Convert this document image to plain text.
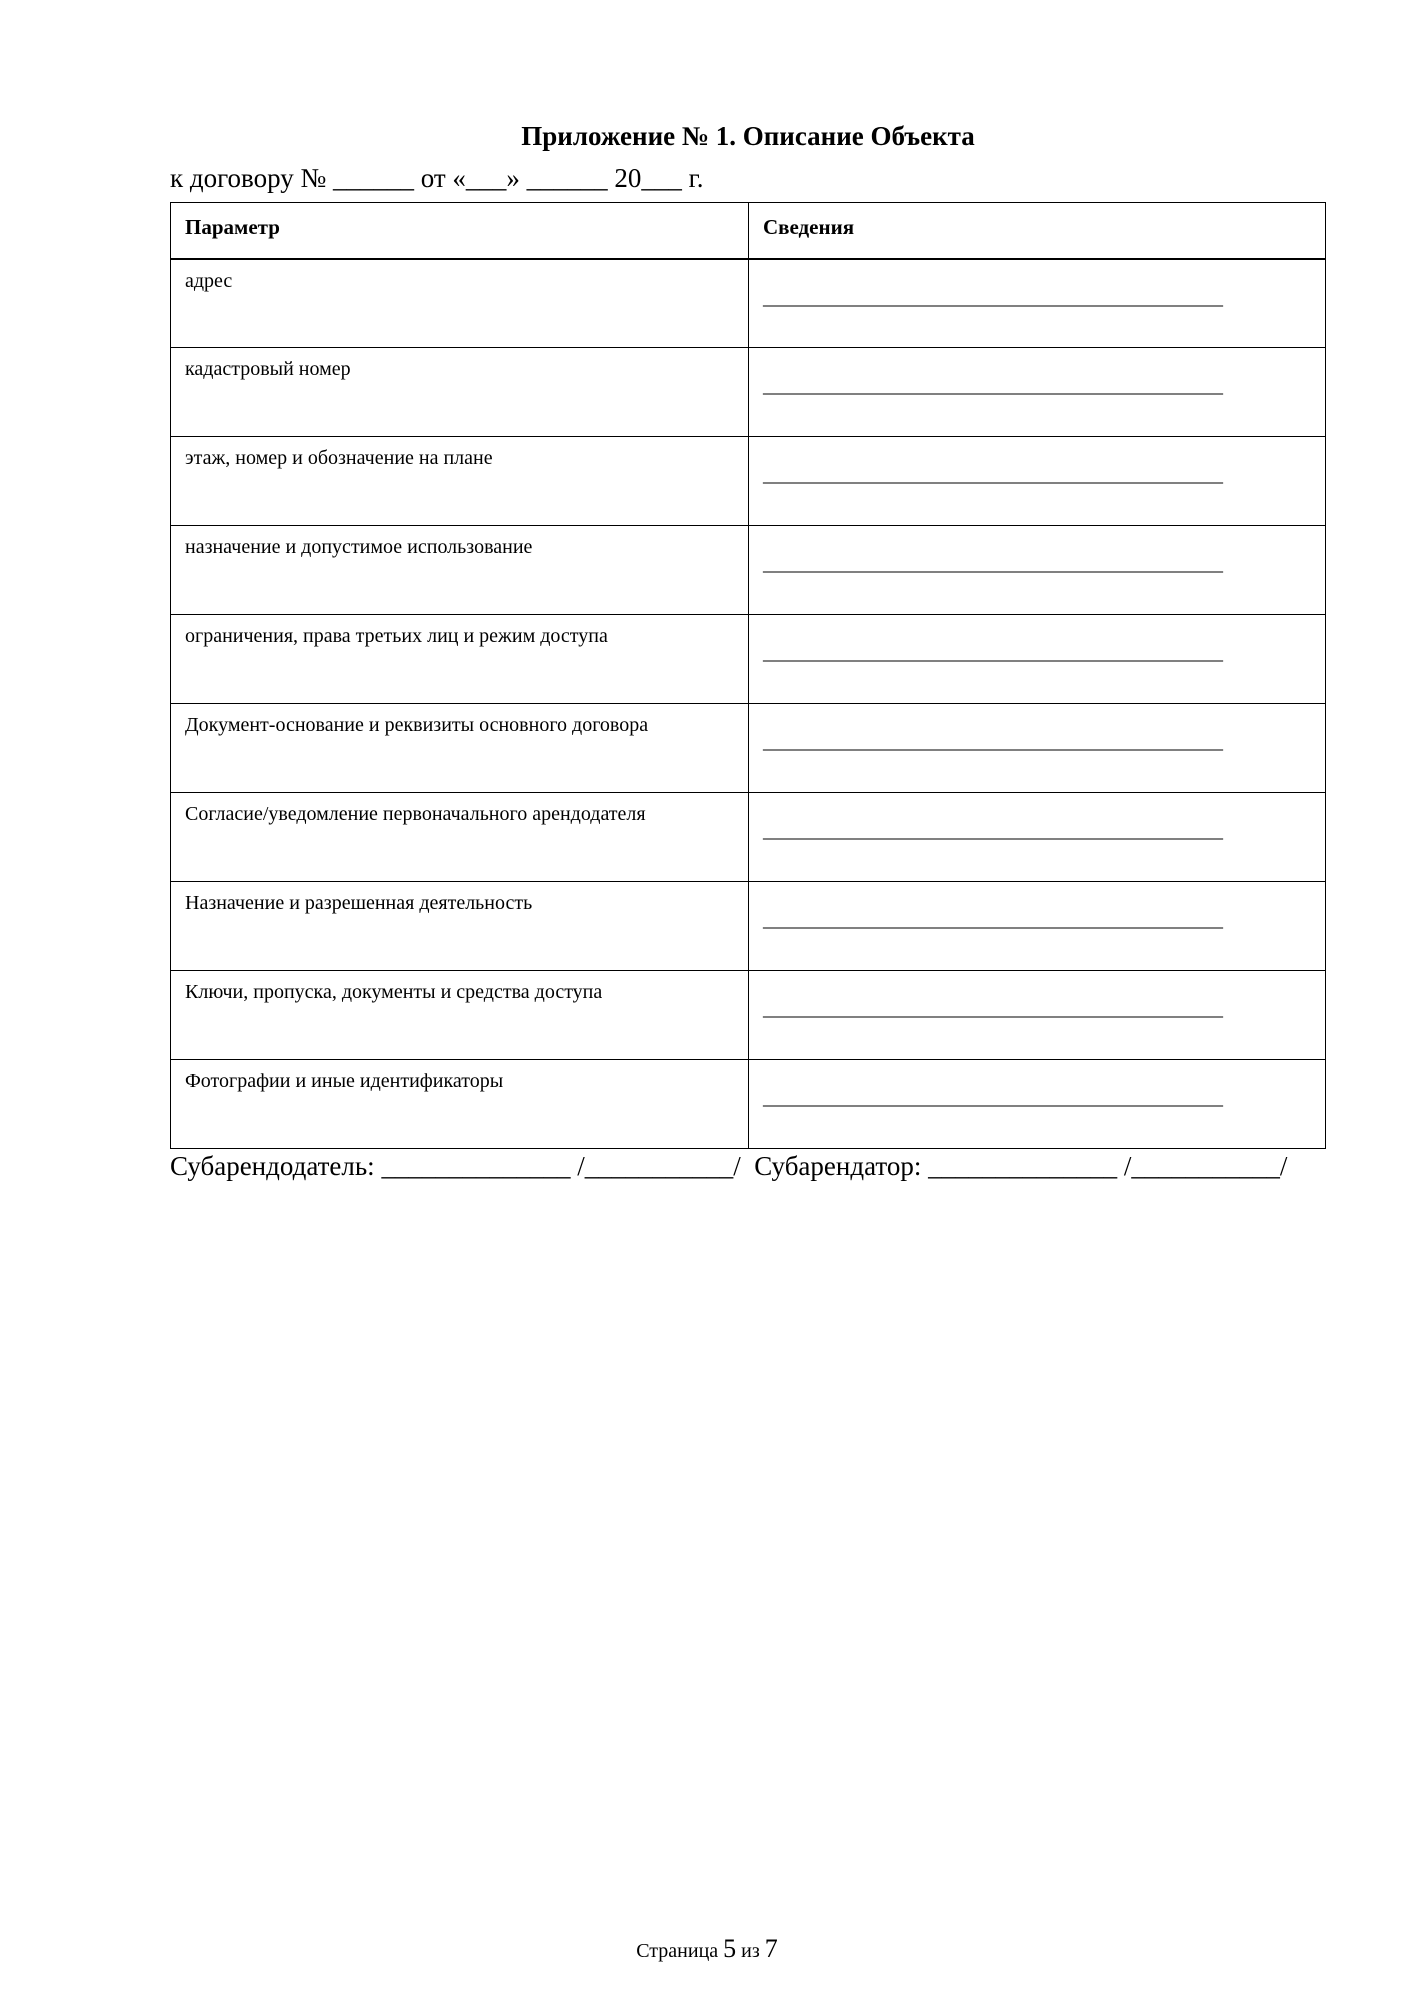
Приложение № 1. Описание Объекта
к договору № ______ от «___» ______ 20___ г.
Параметр	Сведения
адрес	______________________________________________

кадастровый номер	______________________________________________

этаж, номер и обозначение на плане	______________________________________________

назначение и допустимое использование	______________________________________________

ограничения, права третьих лиц и режим доступа	______________________________________________

Документ-основание и реквизиты основного договора	______________________________________________

Согласие/уведомление первоначального арендодателя	______________________________________________

Назначение и разрешенная деятельность	______________________________________________

Ключи, пропуска, документы и средства доступа	______________________________________________

Фотографии и иные идентификаторы	______________________________________________
Субарендодатель: ______________ /___________/ Субарендатор: ______________ /___________/
Страница 5 из 7
